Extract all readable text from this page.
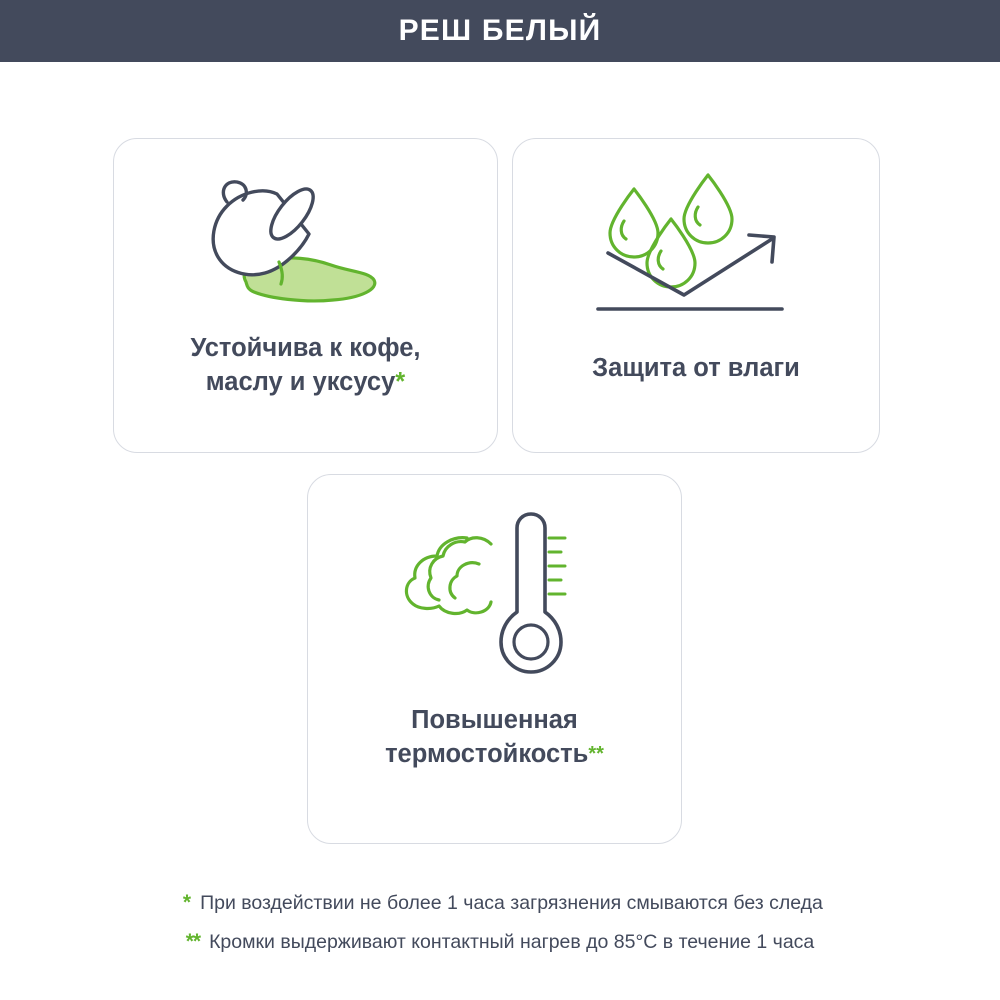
РЕШ БЕЛЫЙ
Устойчива к кофе,
маслу и уксусу*	Защита от влаги
Повышенная
термостойкость**
* При воздействии не более 1 часа загрязнения смываются без следа
** Кромки выдерживают контактный нагрев до 85°С в течение 1 часа
